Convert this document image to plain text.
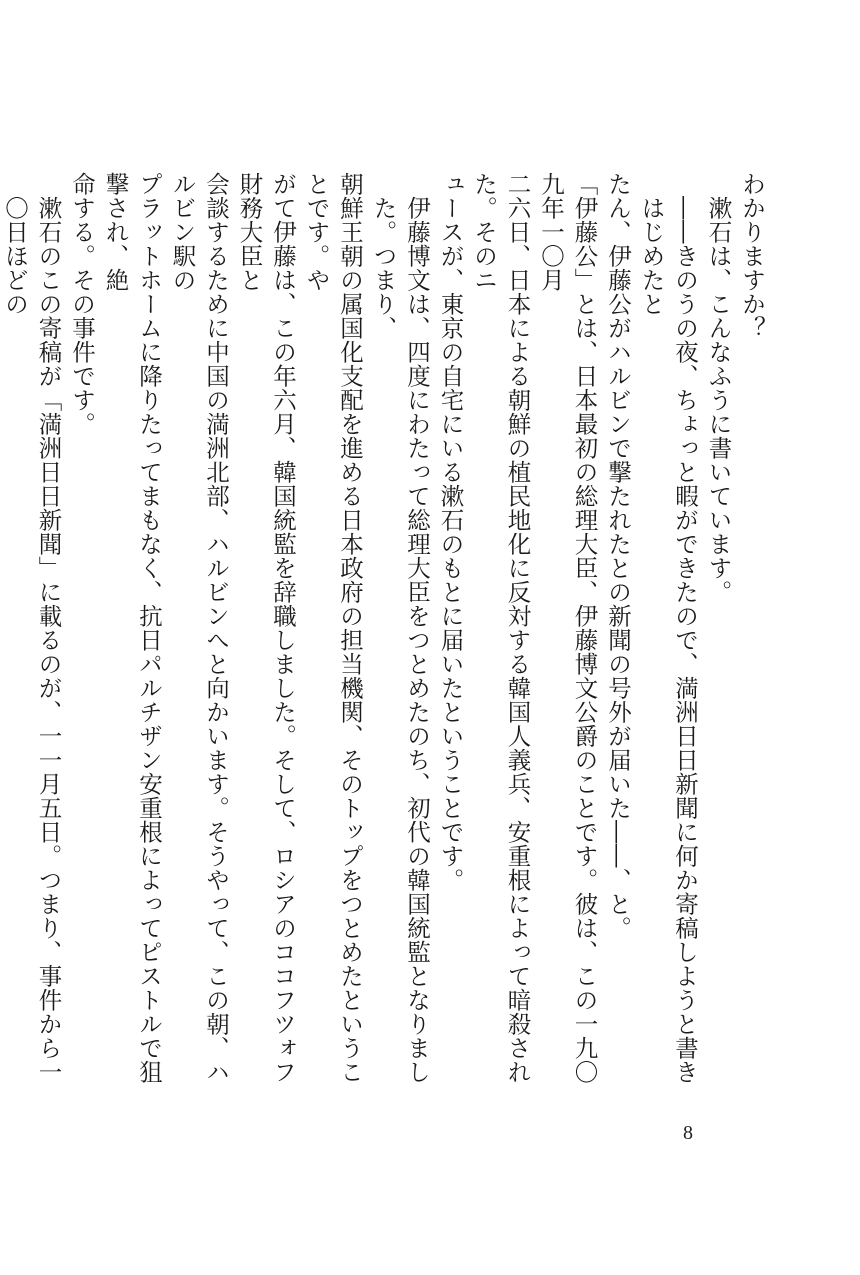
わかりますか？
漱石は、こんなふうに書いています。
――きのうの夜、ちょっと暇ができたので、満洲日日新聞に何か寄稿しようと書きはじめたと
たん、伊藤公がハルビンで撃たれたとの新聞の号外が届いた――、と。
「伊藤公」とは、日本最初の総理大臣、伊藤博文公爵のことです。彼は、この一九〇九年一〇月
二六日、日本による朝鮮の植民地化に反対する韓国人義兵、安重根によって暗殺された。そのニ
ュースが、東京の自宅にいる漱石のもとに届いたということです。
伊藤博文は、四度にわたって総理大臣をつとめたのち、初代の韓国統監となりました。つまり、
朝鮮王朝の属国化支配を進める日本政府の担当機関、そのトップをつとめたということです。や
がて伊藤は、この年六月、韓国統監を辞職しました。そして、ロシアのココフツォフ財務大臣と
会談するために中国の満洲北部、ハルビンへと向かいます。そうやって、この朝、ハルビン駅の
プラットホームに降りたってまもなく、抗日パルチザン安重根によってピストルで狙撃され、絶
命する。その事件です。
漱石のこの寄稿が「満洲日日新聞」に載るのが、一一月五日。つまり、事件から一〇日ほどの
8
